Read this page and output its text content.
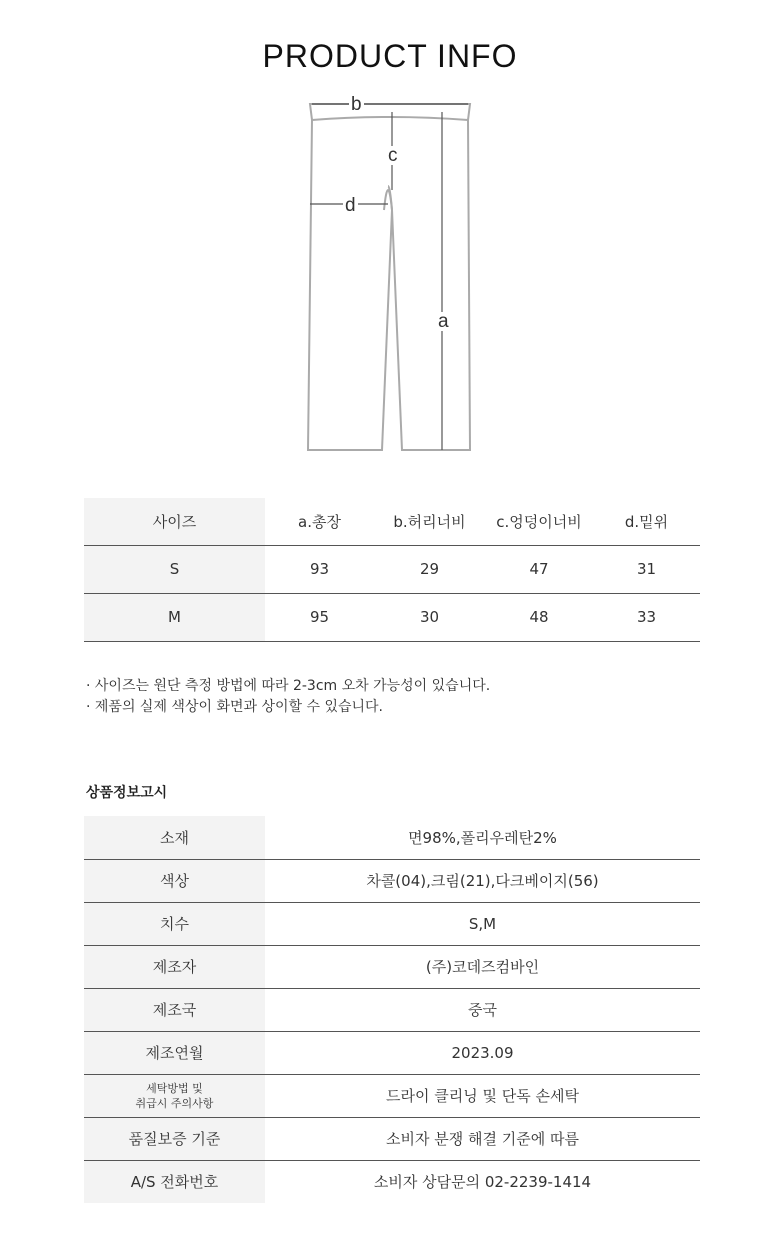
PRODUCT INFO
b
c
d
a
사이즈	a.총장	b.허리너비	c.엉덩이너비	d.밑위
S	93	29	47	31
M	95	30	48	33
· 사이즈는 원단 측정 방법에 따라 2-3cm 오차 가능성이 있습니다.
· 제품의 실제 색상이 화면과 상이할 수 있습니다.
상품정보고시
소재	면98%,폴리우레탄2%
색상	차콜(04),크림(21),다크베이지(56)
치수	S,M
제조자	(주)코데즈컴바인
제조국	중국
제조연월	2023.09

세탁방법 및
취급시 주의사항	드라이 클리닝 및 단독 손세탁
품질보증 기준	소비자 분쟁 해결 기준에 따름
A/S 전화번호	소비자 상담문의 02-2239-1414
